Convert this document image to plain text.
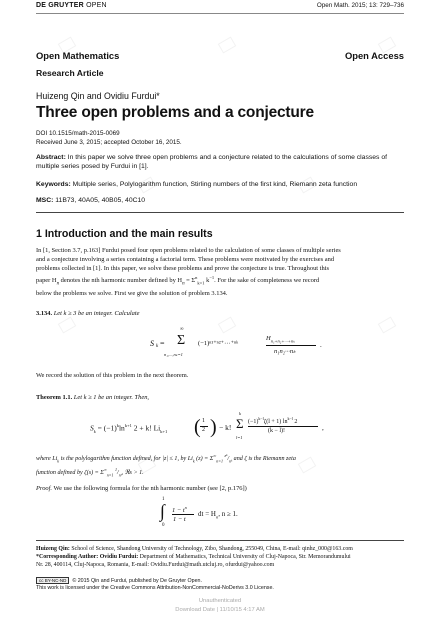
DE GRUYTER OPEN	Open Math. 2015; 13: 729–736
Open Mathematics	Open Access
Research Article
Huizeng Qin and Ovidiu Furdui*
Three open problems and a conjecture
DOI 10.1515/math-2015-0069
Received June 3, 2015; accepted October 16, 2015.
Abstract: In this paper we solve three open problems and a conjecture related to the calculations of some classes of multiple series posed by Furdui in [1].
Keywords: Multiple series, Polylogarithm function, Stirling numbers of the first kind, Riemann zeta function
MSC: 11B73, 40A05, 40B05, 40C10
1 Introduction and the main results
In [1, Section 3.7, p.163] Furdui posed four open problems related to the calculation of some classes of multiple series
and a conjecture involving a series containing a factorial term. These problems were motivated by the exercises and
problems collected in [1]. In this paper, we solve these problems and prove the conjecture is true. Throughout this
paper $H_n$ denotes the nth harmonic number defined by $H_n = \Sigma^n_{k=1}$ $k^{-1}$. For the sake of completeness we record
below the problems we solve. First we give the solution of problem 3.134.
3.134. Let k ≥ 3 be an integer. Calculate
S k =
∞
Σ
n₁,...,nₖ=1
(−1)ⁿ¹⁺ⁿ²⁺···⁺ⁿᵏ
$H_{n_1+n_2+\cdot\cdot\cdot+n_k}$
n₁n₂···nₖ
.
We record the solution of this problem in the next theorem.
Theorem 1.1. Let k ≥ 1 be an integer. Then,
$S_k = (-1)^k\ln^{k+1}$ 2 + k! $Li_{k+1}$ ( 1
2 ) − k!
k
Σ
l=1
$(-1)^{k-l}\zeta(l + 1)$ $\ln^{k-l} 2$
(k − l)!	,
where $Li_k$ is the polylogarithm function defined, for |z| ≤ 1, by $Li_k$ $(z) = \Sigma^\infty_{n=1}$ $^{z^n}/_{nᵏ}$ and ζ is the Riemann zeta
function defined by $\zeta(s) = \Sigma^\infty_{n=1}$ $^1/_{nˢ}$, ℜs > 1.
Proof. We use the following formula for the nth harmonic number (see [2, p.176])
1
∫
0
$1 - t^n$
1 − t
dt = $H_n$, n ≥ 1.
Huizeng Qin: School of Science, Shandong University of Technology, Zibo, Shandong, 255049, China, E-mail: qinhz_000@163.com
*Corresponding Author: Ovidiu Furdui: Department of Mathematics, Technical University of Cluj-Napoca, Str. Memorandumului
Nr. 28, 400114, Cluj-Napoca, Romania, E-mail: Ovidiu.Furdui@math.utcluj.ro, ofurdui@yahoo.com
cc BY-NC-ND © 2015 Qin and Furdui, published by De Gruyter Open.
This work is licensed under the Creative Commons Attribution-NonCommercial-NoDerivs 3.0 License.
Unauthenticated
Download Date | 11/10/15 4:17 AM
